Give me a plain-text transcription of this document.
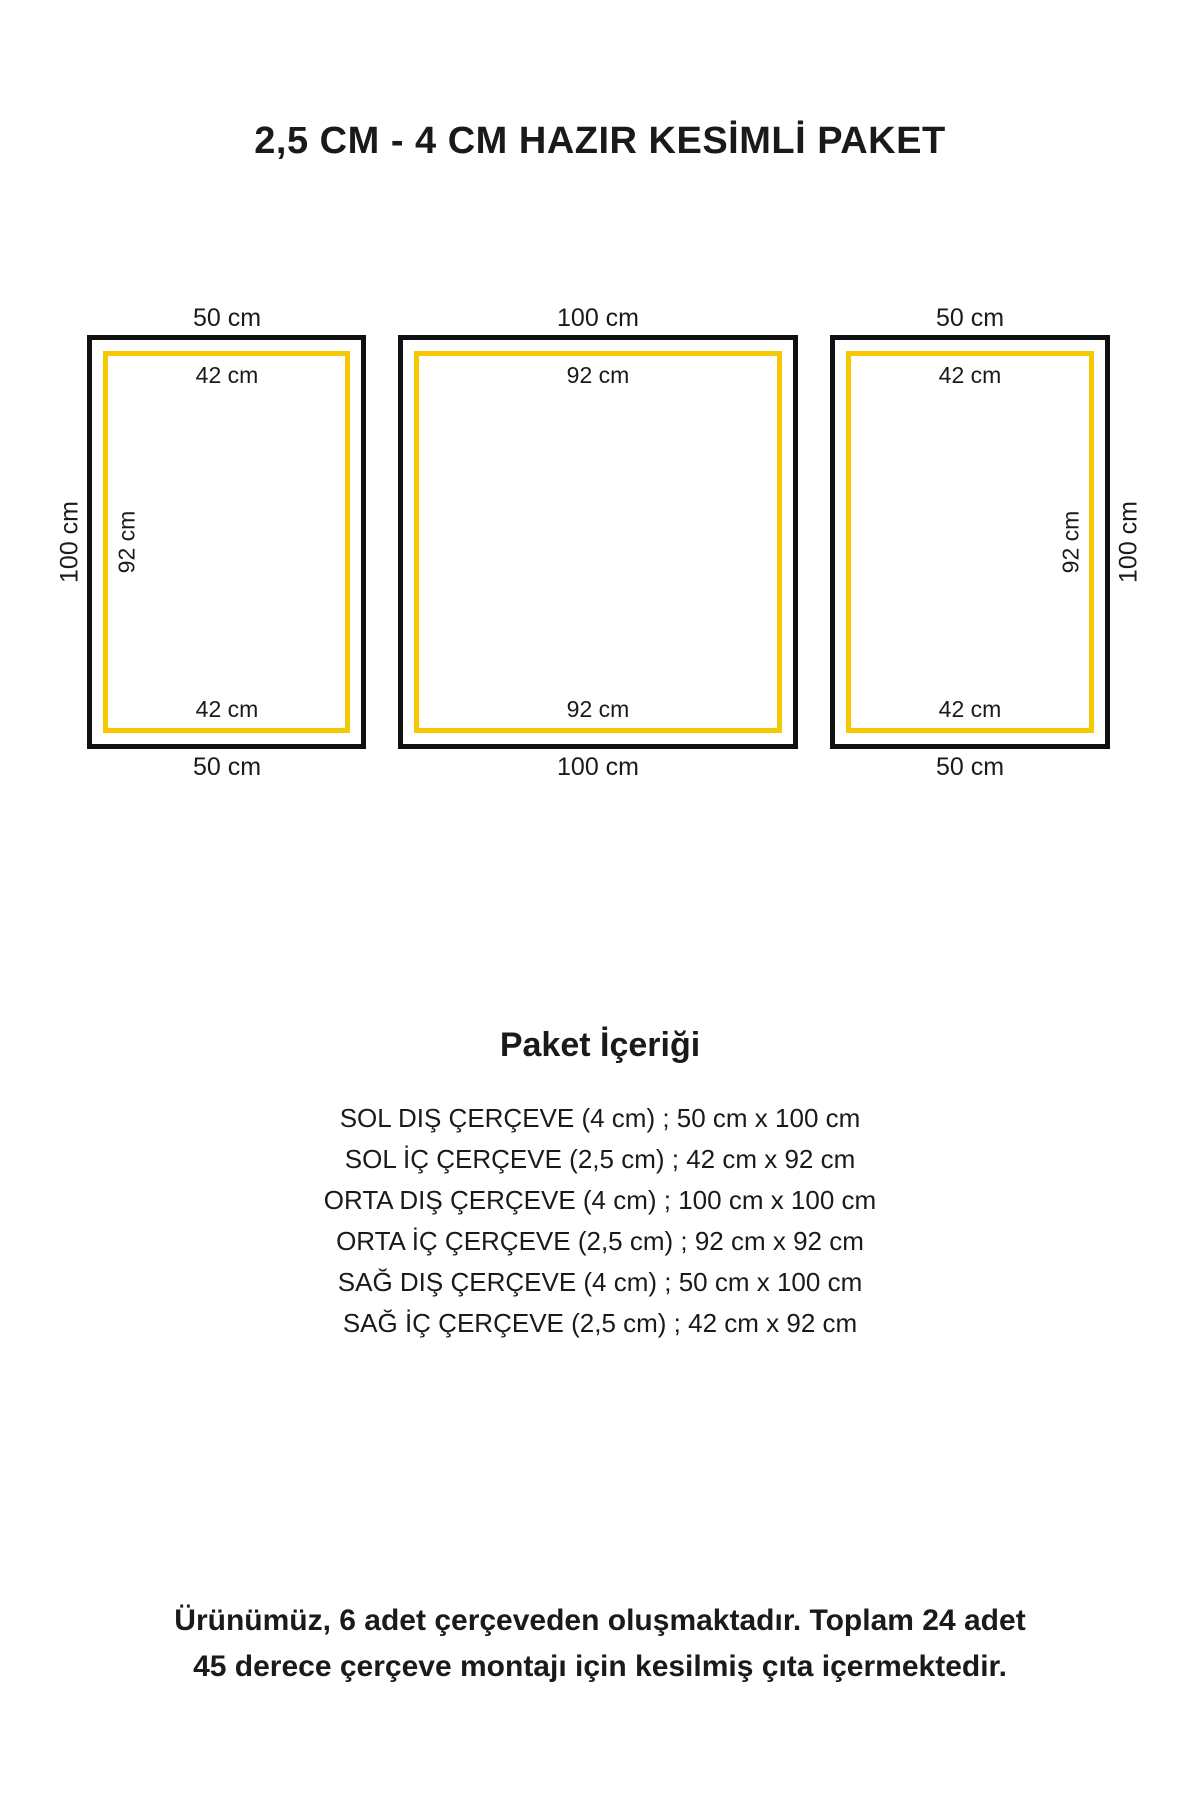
2,5 CM - 4 CM HAZIR KESİMLİ PAKET
50 cm
42 cm
42 cm
50 cm
100 cm 92 cm
100 cm
92 cm
92 cm
100 cm
50 cm
42 cm
42 cm
50 cm
92 cm 100 cm
Paket İçeriği
SOL DIŞ ÇERÇEVE (4 cm) ; 50 cm x 100 cm
SOL İÇ ÇERÇEVE (2,5 cm) ; 42 cm x 92 cm
ORTA DIŞ ÇERÇEVE (4 cm) ; 100 cm x 100 cm
ORTA İÇ ÇERÇEVE (2,5 cm) ; 92 cm x 92 cm
SAĞ DIŞ ÇERÇEVE (4 cm) ; 50 cm x 100 cm
SAĞ İÇ ÇERÇEVE (2,5 cm) ; 42 cm x 92 cm
Ürünümüz, 6 adet çerçeveden oluşmaktadır. Toplam 24 adet
45 derece çerçeve montajı için kesilmiş çıta içermektedir.
